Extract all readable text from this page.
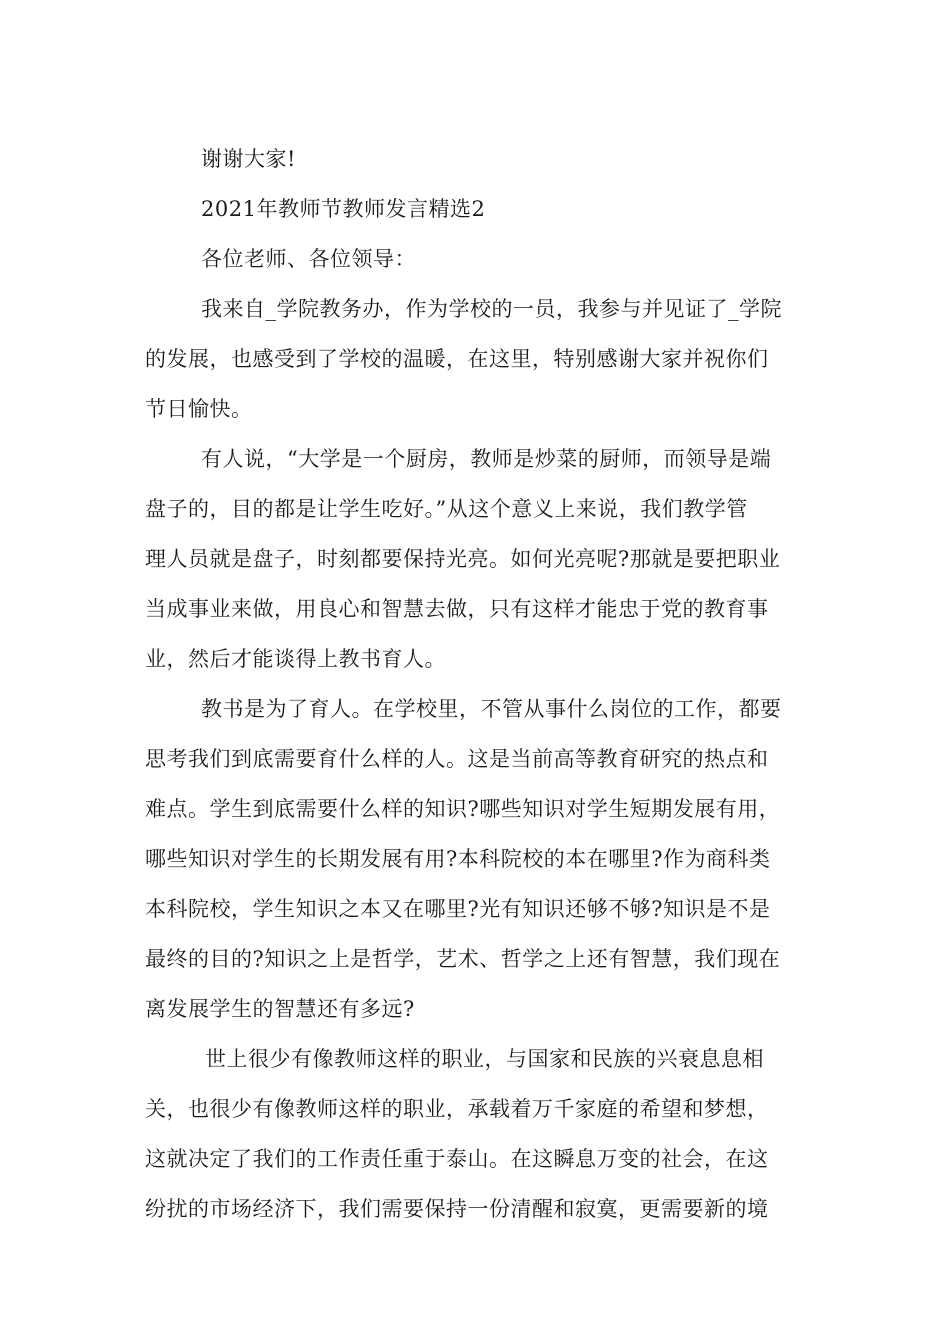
谢谢大家!
2021年教师节教师发言精选2
各位老师、各位领导：
我来自_学院教务办，作为学校的一员，我参与并见证了_学院
的发展，也感受到了学校的温暖，在这里，特别感谢大家并祝你们
节日愉快。
有人说，“大学是一个厨房，教师是炒菜的厨师，而领导是端
盘子的，目的都是让学生吃好。”从这个意义上来说，我们教学管
理人员就是盘子，时刻都要保持光亮。如何光亮呢?那就是要把职业
当成事业来做，用良心和智慧去做，只有这样才能忠于党的教育事
业，然后才能谈得上教书育人。
教书是为了育人。在学校里，不管从事什么岗位的工作，都要
思考我们到底需要育什么样的人。这是当前高等教育研究的热点和
难点。学生到底需要什么样的知识?哪些知识对学生短期发展有用，
哪些知识对学生的长期发展有用?本科院校的本在哪里?作为商科类
本科院校，学生知识之本又在哪里?光有知识还够不够?知识是不是
最终的目的?知识之上是哲学，艺术、哲学之上还有智慧，我们现在
离发展学生的智慧还有多远?
世上很少有像教师这样的职业，与国家和民族的兴衰息息相
关，也很少有像教师这样的职业，承载着万千家庭的希望和梦想，
这就决定了我们的工作责任重于泰山。在这瞬息万变的社会，在这
纷扰的市场经济下，我们需要保持一份清醒和寂寞，更需要新的境
